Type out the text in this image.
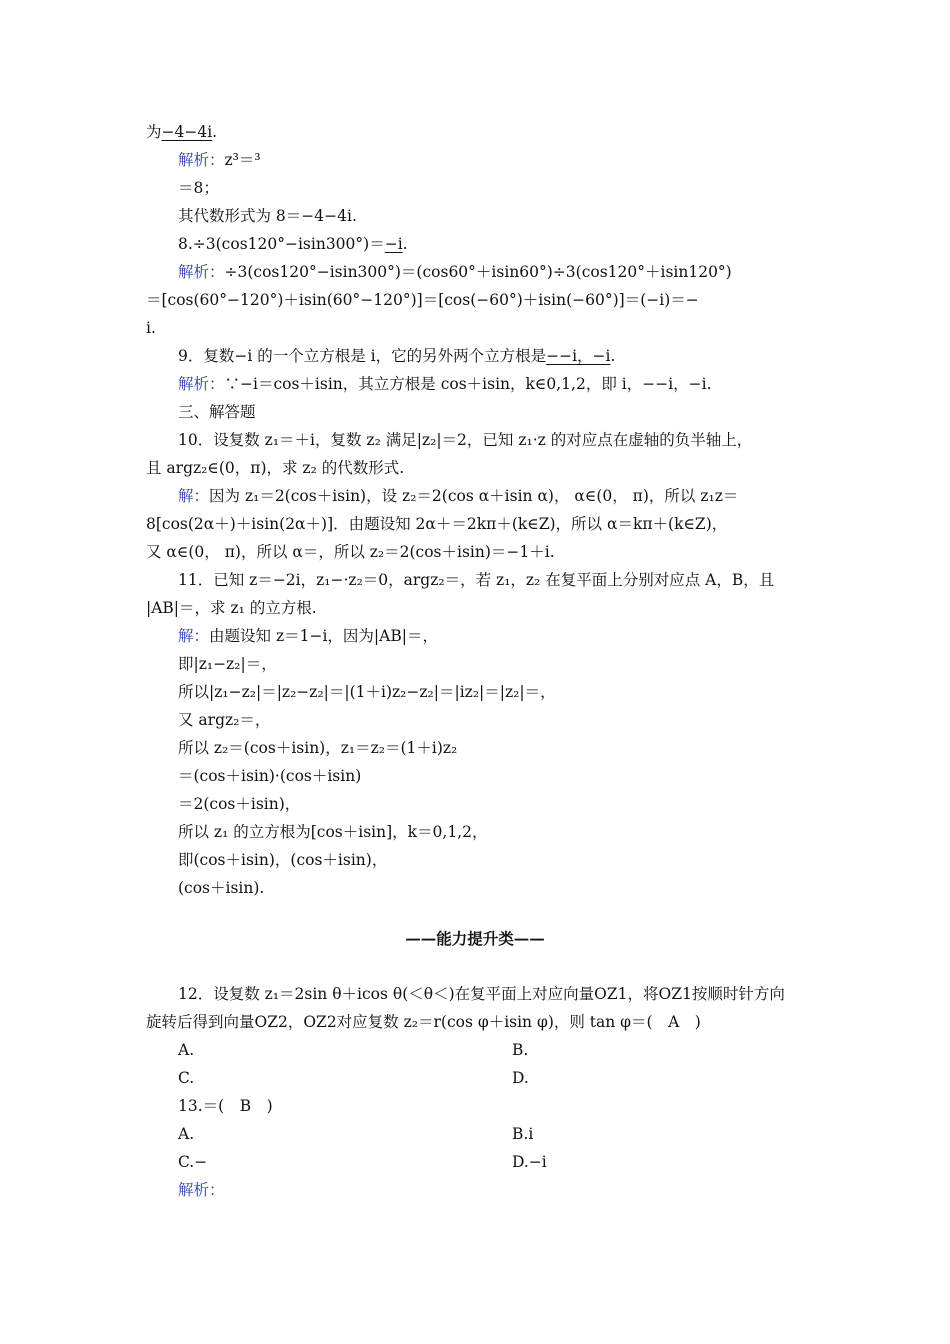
为−4−4i.
解析：z³＝³
＝8；
其代数形式为 8＝−4−4i.
8.÷3(cos120°−isin300°)＝−i.
解析：÷3(cos120°−isin300°)＝(cos60°＋isin60°)÷3(cos120°＋isin120°)
＝[cos(60°−120°)＋isin(60°−120°)]＝[cos(−60°)＋isin(−60°)]＝(−i)＝−
i.
9．复数−i 的一个立方根是 i，它的另外两个立方根是−−i，−i.
解析：∵−i＝cos＋isin，其立方根是 cos＋isin，k∈0,1,2，即 i，−−i，−i.
三、解答题
10．设复数 z₁＝＋i，复数 z₂ 满足|z₂|＝2，已知 z₁·z 的对应点在虚轴的负半轴上，
且 argz₂∈(0，π)，求 z₂ 的代数形式.
解：因为 z₁＝2(cos＋isin)，设 z₂＝2(cos α＋isin α)， α∈(0， π)，所以 z₁z＝
8[cos(2α＋)＋isin(2α＋)]．由题设知 2α＋＝2kπ＋(k∈Z)，所以 α＝kπ＋(k∈Z)，
又 α∈(0， π)，所以 α＝，所以 z₂＝2(cos＋isin)＝−1＋i.
11．已知 z＝−2i，z₁−·z₂＝0，argz₂＝，若 z₁，z₂ 在复平面上分别对应点 A，B，且
|AB|＝，求 z₁ 的立方根.
解：由题设知 z＝1−i，因为|AB|＝，
即|z₁−z₂|＝，
所以|z₁−z₂|＝|z₂−z₂|＝|(1＋i)z₂−z₂|＝|iz₂|＝|z₂|＝，
又 argz₂＝，
所以 z₂＝(cos＋isin)，z₁＝z₂＝(1＋i)z₂
＝(cos＋isin)·(cos＋isin)
＝2(cos＋isin)，
所以 z₁ 的立方根为[cos＋isin]，k＝0,1,2，
即(cos＋isin)，(cos＋isin)，
(cos＋isin).
——能力提升类——
12．设复数 z₁＝2sin θ＋icos θ(＜θ＜)在复平面上对应向量OZ1，将OZ1按顺时针方向
旋转后得到向量OZ2，OZ2对应复数 z₂＝r(cos φ＋isin φ)，则 tan φ＝(　A　)
A.	B.
C.	D.
13.＝(　B　)
A.	B.i
C.−	D.−i
解析：
